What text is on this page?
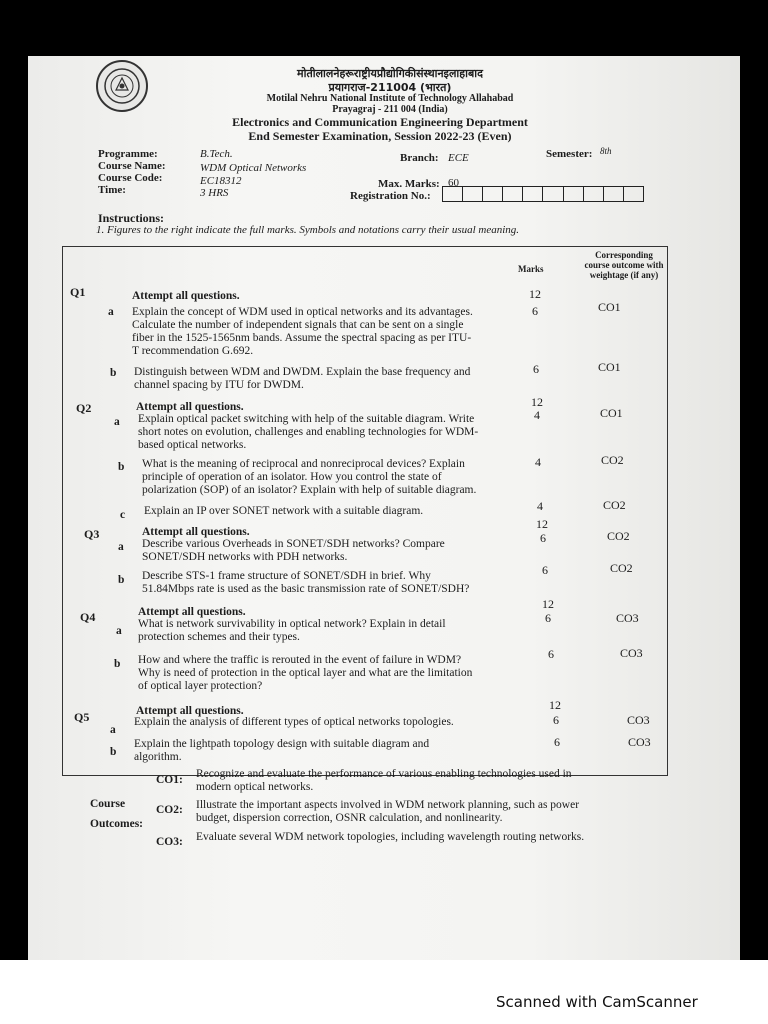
मोतीलालनेहरूराष्ट्रीयप्रौद्योगिकीसंस्थानइलाहाबाद
प्रयागराज-211004 (भारत)
Motilal Nehru National Institute of Technology Allahabad
Prayagraj - 211 004 (India)
Electronics and Communication Engineering Department
End Semester Examination, Session 2022-23 (Even)
Programme:	B.Tech.
Course Name:	WDM Optical Networks
Course Code:	EC18312
Time:	3 HRS
Branch: ECE	Semester: 8th
Max. Marks: 60
Registration No.:
Instructions:
1. Figures to the right indicate the full marks. Symbols and notations carry their usual meaning.
Marks
Corresponding
course outcome with
weightage (if any)
Q1	Attempt all questions.	12
a Explain the concept of WDM used in optical networks and its advantages.
Calculate the number of independent signals that can be sent on a single
fiber in the 1525-1565nm bands. Assume the spectral spacing as per ITU-
T recommendation G.692.
6	CO1
b Distinguish between WDM and DWDM. Explain the base frequency and
channel spacing by ITU for DWDM.
6	CO1
Q2	Attempt all questions.	12
a Explain optical packet switching with help of the suitable diagram. Write
short notes on evolution, challenges and enabling technologies for WDM-
based optical networks.
4	CO1
b What is the meaning of reciprocal and nonreciprocal devices? Explain
principle of operation of an isolator. How you control the state of
polarization (SOP) of an isolator? Explain with help of suitable diagram.
4	CO2
c Explain an IP over SONET network with a suitable diagram.	4	CO2
Q3	Attempt all questions.
12
a Describe various Overheads in SONET/SDH networks? Compare
SONET/SDH networks with PDH networks.
6	CO2
b Describe STS-1 frame structure of SONET/SDH in brief. Why
51.84Mbps rate is used as the basic transmission rate of SONET/SDH?
6	CO2
Q4	Attempt all questions.
12
a
What is network survivability in optical network? Explain in detail
protection schemes and their types.
6	CO3
b How and where the traffic is rerouted in the event of failure in WDM?
Why is need of protection in the optical layer and what are the limitation
of optical layer protection?
6	CO3
Q5	Attempt all questions.	12
a
Explain the analysis of different types of optical networks topologies.	6	CO3
b
Explain the lightpath topology design with suitable diagram and
algorithm.
6	CO3
Course
Outcomes:
CO1: Recognize and evaluate the performance of various enabling technologies used in
modern optical networks.
CO2: Illustrate the important aspects involved in WDM network planning, such as power
budget, dispersion correction, OSNR calculation, and nonlinearity.
CO3: Evaluate several WDM network topologies, including wavelength routing networks.
Scanned with CamScanner
